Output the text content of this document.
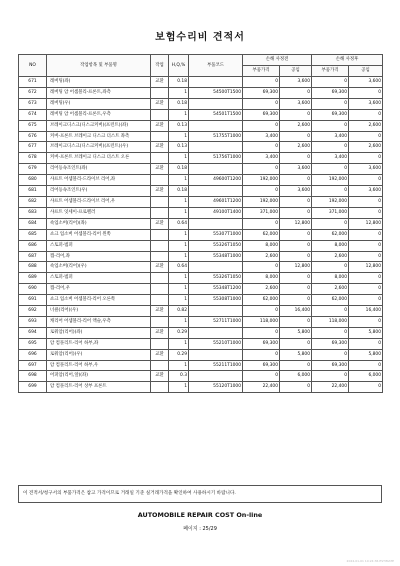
보험수리비 견적서
NO	작업항목 및 부품명	작업	H,Q,%	부품코드	손해 사정전		손해 사정후	
					부품가격	공임	부품가격	공임
671	레버팅(좌)	교환	0.18		0	3,600	0	3,600
672	레버팅 암 어셈블리-프론트,좌측		1	54500T1500	69,300	0	69,300	0
673	레버팅(우)	교환	0.18		0	3,600	0	3,600
674	레버팅 암 어셈블리-프론트,우측		1	54501T1500	69,300	0	69,300	0
675	브레이크디스크(디스크커버)(프런트)(좌)	교환	0.13		0	2,600	0	2,600
676	커버-프론트 브레이크 디스크 더스트 좌측		1	51755T1000	3,400	0	3,400	0
677	브레이크디스크(디스크커버)(프런트)(우)	교환	0.13		0	2,600	0	2,600
678	커버-프론트 브레이크 디스크 더스트 오른		1	51756T1000	3,400	0	3,400	0
679	리어등속조인트(좌)	교환	0.18		0	3,600	0	3,600
680	샤프트 어셈블리-드라이브 리어,좌		1	49600T1200	192,000	0	192,000	0
681	리어등속조인트(우)	교환	0.18		0	3,600	0	3,600
682	샤프트 어셈블리-드라이브 리어,우		1	49601T1200	192,000	0	192,000	0
683	샤프트 잇세이-프로펠러		1	49100T1400	371,000	0	371,000	0
684	쇽업소버(리어)(좌)	교환	0.64		0	12,800	0	12,800
685	쇼크 업소버 어셈블리-리어 왼쪽		1	55307T1000	62,000	0	62,000	0
686	스토퍼-범퍼		1	55326T1050	8,000	0	8,000	0
687	캡-리어,좌		1	55348T1000	2,600	0	2,600	0
688	쇽업소버(리어)(우)	교환	0.64		0	12,800	0	12,800
689	스토퍼-범퍼		1	55326T1050	8,000	0	8,000	0
690	캡-리어,우		1	55348T1200	2,600	0	2,600	0
691	쇼크 업소버 어셈블리-리어 오른쪽		1	55308T1000	62,000	0	62,000	0
692	너클(리어)(우)	교환	0.82		0	16,400	0	16,400
693	캐리어 어셈블리-리어 액슬,우측		1	52711T1000	118,000	0	118,000	0
694	로워암(리어)(좌)	교환	0.29		0	5,800	0	5,800
695	암 컴플리트-리어 하부,좌		1	55210T1000	69,300	0	69,300	0
696	로워암(리어)(우)	교환	0.29		0	5,800	0	5,800
697	암 컴플리트-리어 하부,우		1	55211T1000	69,300	0	69,300	0
698	어퍼암(리어,앞)(좌)	교환	0.3		0	6,000	0	6,000
699	암 컴플리트-리어 상부 프론트		1	55120T1000	22,400	0	22,400	0
이 견적서/청구서의 부품가격은 참고 가격이므로 거래일 기준 실거래가격을 확인하여 사용하시기 바랍니다.
AUTOMOBILE REPAIR COST On-line
페이지 : 25/29
2024-01-01 10:24:36 ESTIMATE
